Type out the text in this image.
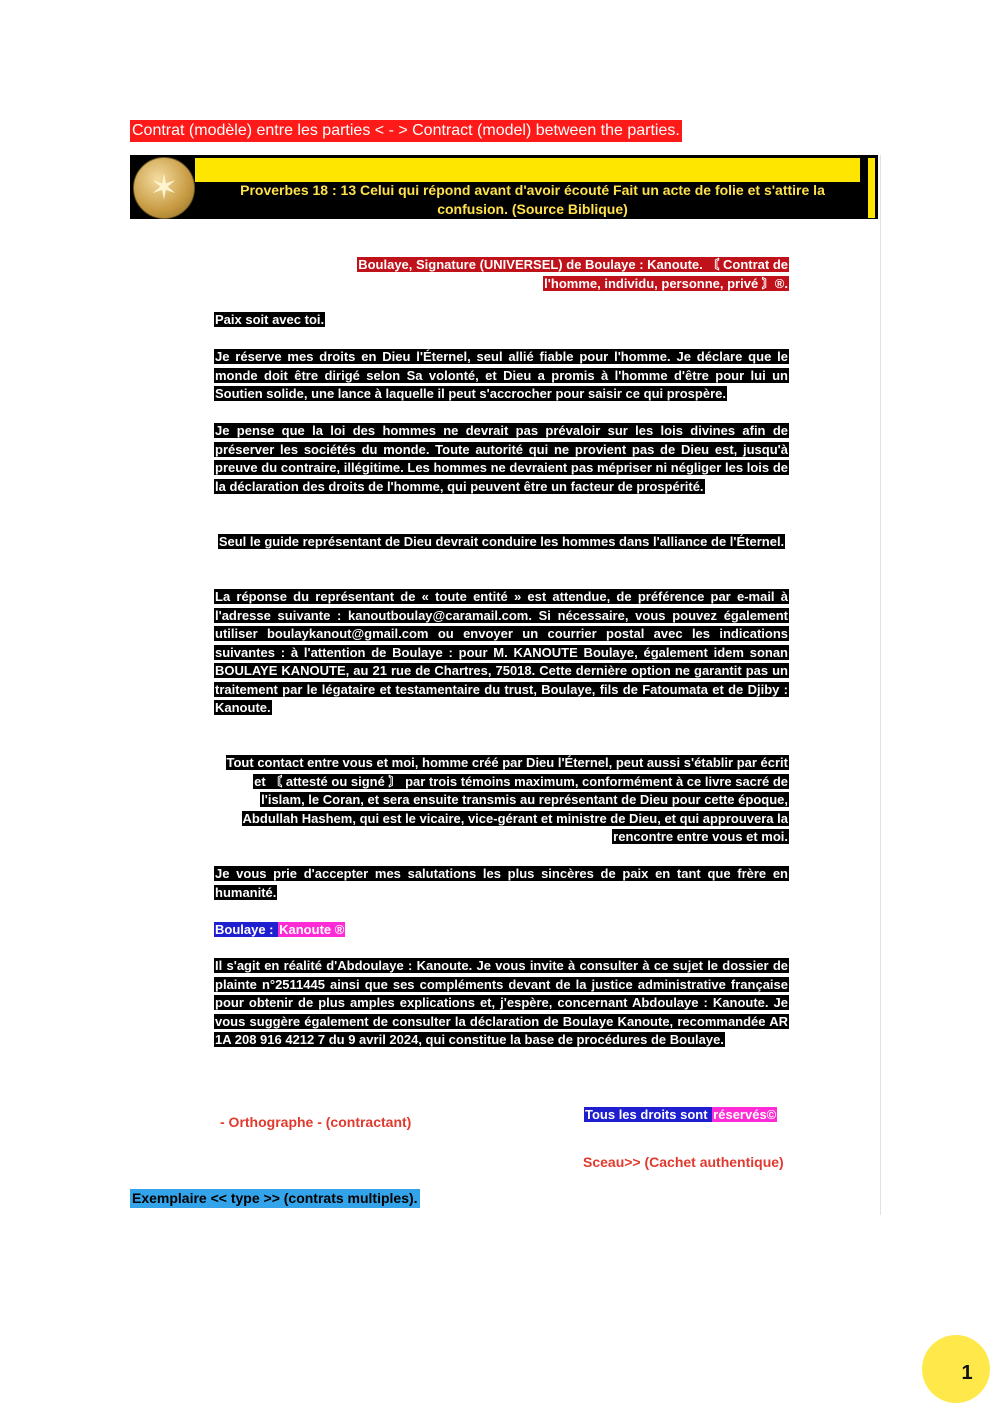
Contrat (modèle) entre les parties < - > Contract (model) between the parties.
✶	Proverbes 18 : 13 Celui qui répond avant d'avoir écouté Fait un acte de folie et s'attire la confusion. (Source Biblique)
Boulaye, Signature (UNIVERSEL) de Boulaye : Kanoute. 〘 Contrat de l'homme, individu, personne, privé 〙®.
Paix soit avec toi.
Je réserve mes droits en Dieu l'Éternel, seul allié fiable pour l'homme. Je déclare que le monde doit être dirigé selon Sa volonté, et Dieu a promis à l'homme d'être pour lui un Soutien solide, une lance à laquelle il peut s'accrocher pour saisir ce qui prospère.
Je pense que la loi des hommes ne devrait pas prévaloir sur les lois divines afin de préserver les sociétés du monde. Toute autorité qui ne provient pas de Dieu est, jusqu'à preuve du contraire, illégitime. Les hommes ne devraient pas mépriser ni négliger les lois de la déclaration des droits de l'homme, qui peuvent être un facteur de prospérité.
Seul le guide représentant de Dieu devrait conduire les hommes dans l'alliance de l'Éternel.
La réponse du représentant de « toute entité » est attendue, de préférence par e-mail à l'adresse suivante : kanoutboulay@caramail.com. Si nécessaire, vous pouvez également utiliser boulaykanout@gmail.com ou envoyer un courrier postal avec les indications suivantes : à l'attention de Boulaye : pour M. KANOUTE Boulaye, également idem sonan BOULAYE KANOUTE, au 21 rue de Chartres, 75018. Cette dernière option ne garantit pas un traitement par le légataire et testamentaire du trust, Boulaye, fils de Fatoumata et de Djiby : Kanoute.
Tout contact entre vous et moi, homme créé par Dieu l'Éternel, peut aussi s'établir par écrit et 〘 attesté ou signé 〙 par trois témoins maximum, conformément à ce livre sacré de l'islam, le Coran, et sera ensuite transmis au représentant de Dieu pour cette époque, Abdullah Hashem, qui est le vicaire, vice-gérant et ministre de Dieu, et qui approuvera la rencontre entre vous et moi.
Je vous prie d'accepter mes salutations les plus sincères de paix en tant que frère en humanité.
Boulaye : Kanoute ®
Il s'agit en réalité d'Abdoulaye : Kanoute. Je vous invite à consulter à ce sujet le dossier de plainte n°2511445 ainsi que ses compléments devant de la justice administrative française pour obtenir de plus amples explications et, j'espère, concernant Abdoulaye : Kanoute. Je vous suggère également de consulter la déclaration de Boulaye Kanoute, recommandée AR 1A 208 916 4212 7 du 9 avril 2024, qui constitue la base de procédures de Boulaye.
- Orthographe - (contractant)	Tous les droits sont réservés©
Sceau>> (Cachet authentique)
Exemplaire << type >> (contrats multiples).
1
